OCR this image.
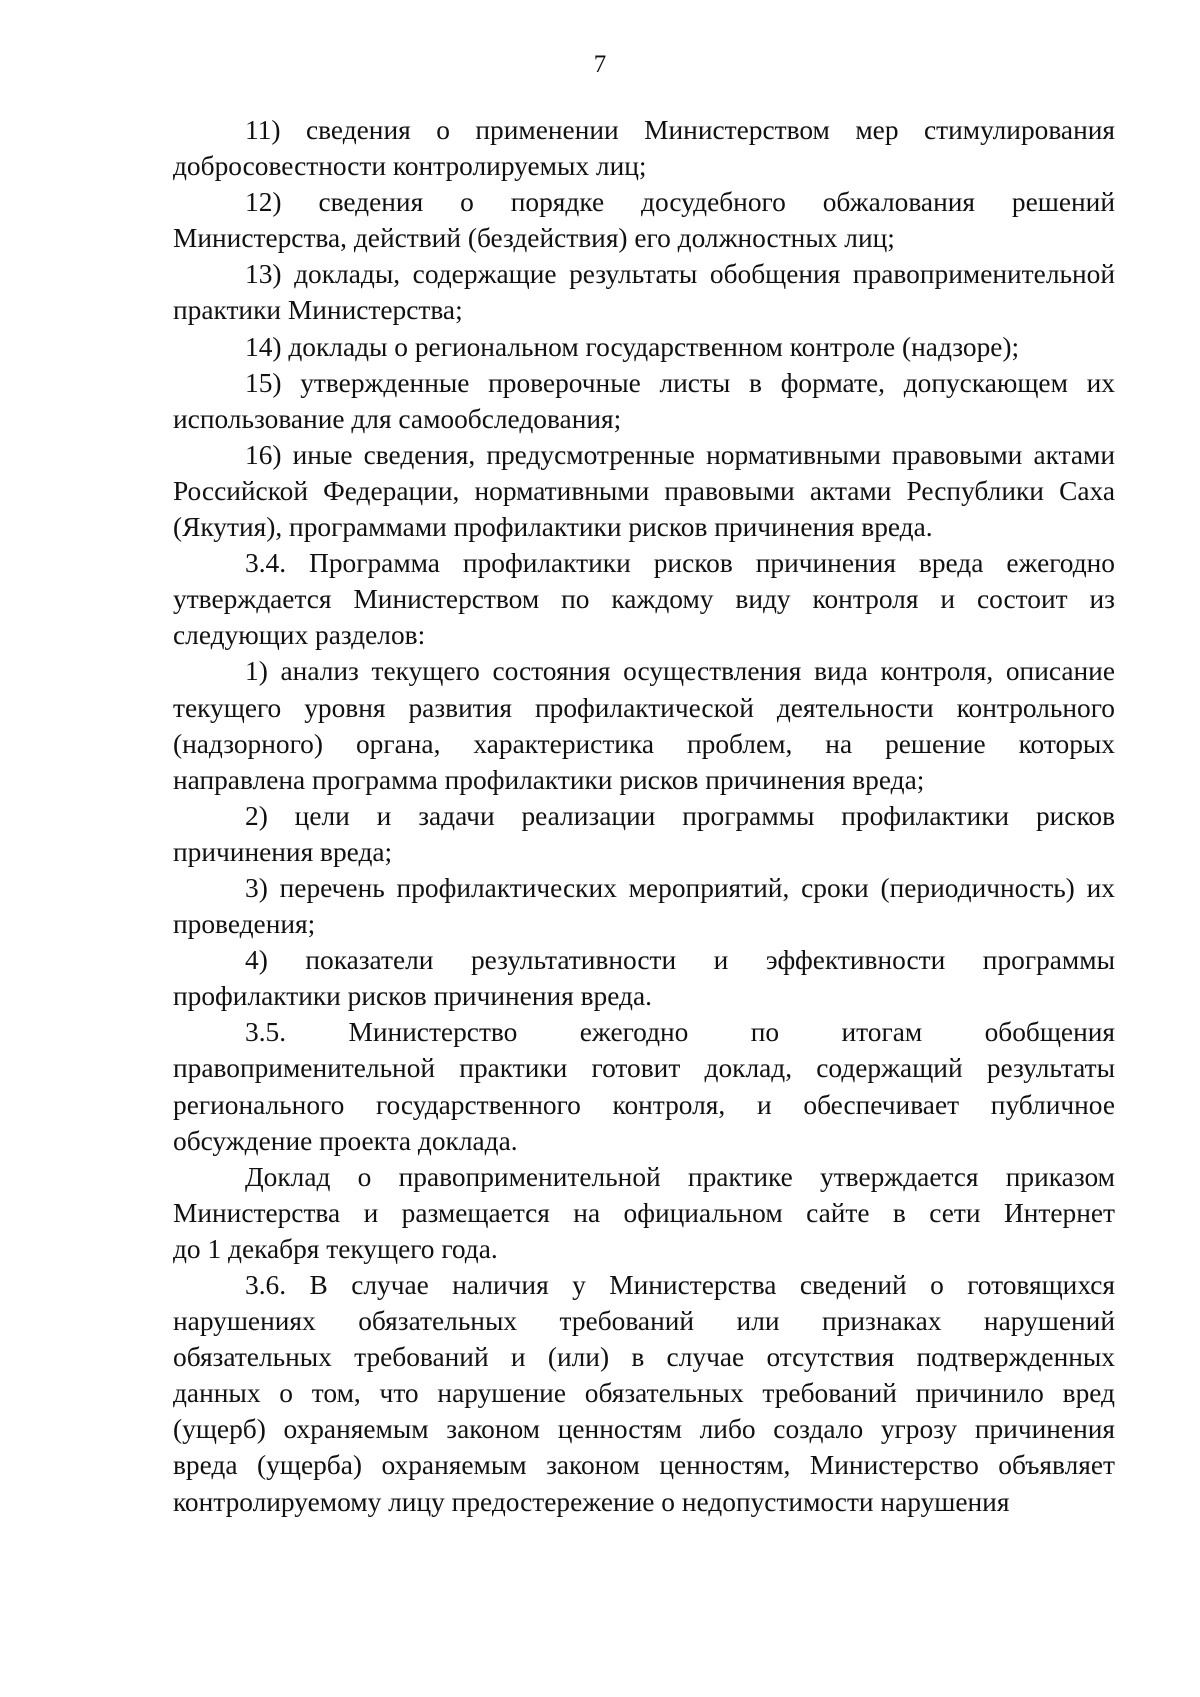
7

11) сведения о применении Министерством мер стимулирования
добросовестности контролируемых лиц;

12) сведения о порядке досудебного обжалования решений
Министерства, действий (бездействия) его должностных лиц;

13) доклады, содержащие результаты обобщения правоприменительной
практики Министерства;

14) доклады о региональном государственном контроле (надзоре);

15) утвержденные проверочные листы в формате, допускающем их
использование для самообследования;

16) иные сведения, предусмотренные нормативными правовыми актами
Российской Федерации, нормативными правовыми актами Республики Саха
(Якутия), программами профилактики рисков причинения вреда.

3.4. Программа профилактики рисков причинения вреда ежегодно
утверждается Министерством по каждому виду контроля и состоит из
следующих разделов:

1) анализ текущего состояния осуществления вида контроля, описание
текущего уровня развития профилактической деятельности контрольного
(надзорного) органа, характеристика проблем, на решение которых
направлена программа профилактики рисков причинения вреда;

2) цели и задачи реализации программы профилактики рисков
причинения вреда;

3) перечень профилактических мероприятий, сроки (периодичность) их
проведения;

4) показатели результативности и эффективности программы
профилактики рисков причинения вреда.

3.5. Министерство ежегодно по итогам обобщения
правоприменительной практики готовит доклад, содержащий результаты
регионального государственного контроля, и обеспечивает публичное
обсуждение проекта доклада.

Доклад о правоприменительной практике утверждается приказом
Министерства и размещается на официальном сайте в сети Интернет
до 1 декабря текущего года.

3.6. В случае наличия у Министерства сведений о готовящихся
нарушениях обязательных требований или признаках нарушений
обязательных требований и (или) в случае отсутствия подтвержденных
данных о том, что нарушение обязательных требований причинило вред
(ущерб) охраняемым законом ценностям либо создало угрозу причинения
вреда (ущерба) охраняемым законом ценностям, Министерство объявляет
контролируемому лицу предостережение о недопустимости нарушения
